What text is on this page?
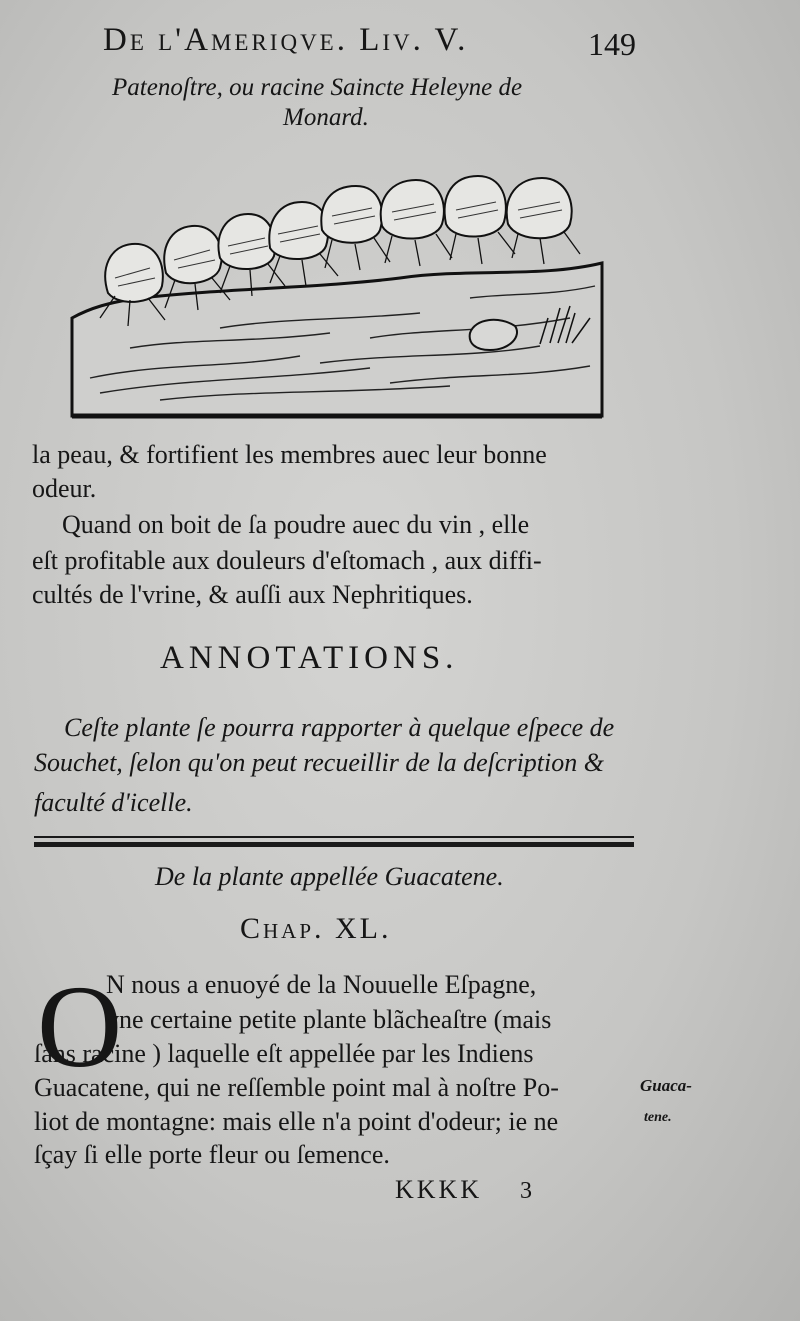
De l'Ameriqve. Liv. V.	149
Patenoſtre, ou racine Saincte Heleyne de
Monard.
la peau, & fortifient les membres auec leur bonne
odeur.
Quand on boit de ſa poudre auec du vin , elle
eſt profitable aux douleurs d'eſtomach , aux diffi-
cultés de l'vrine, & auſſi aux Nephritiques.
ANNOTATIONS.
Ceſte plante ſe pourra rapporter à quelque eſpece de
Souchet, ſelon qu'on peut recueillir de la deſcription &
faculté d'icelle.
De la plante appellée Guacatene.
Chap. XL.
O
N nous a enuoyé de la Nouuelle Eſpagne,
vne certaine petite plante blãcheaſtre (mais
ſans racine ) laquelle eſt appellée par les Indiens
Guacatene, qui ne reſſemble point mal à noſtre Po-
liot de montagne: mais elle n'a point d'odeur; ie ne
ſçay ſi elle porte fleur ou ſemence.
Guaca-
tene.
KKKK 3
